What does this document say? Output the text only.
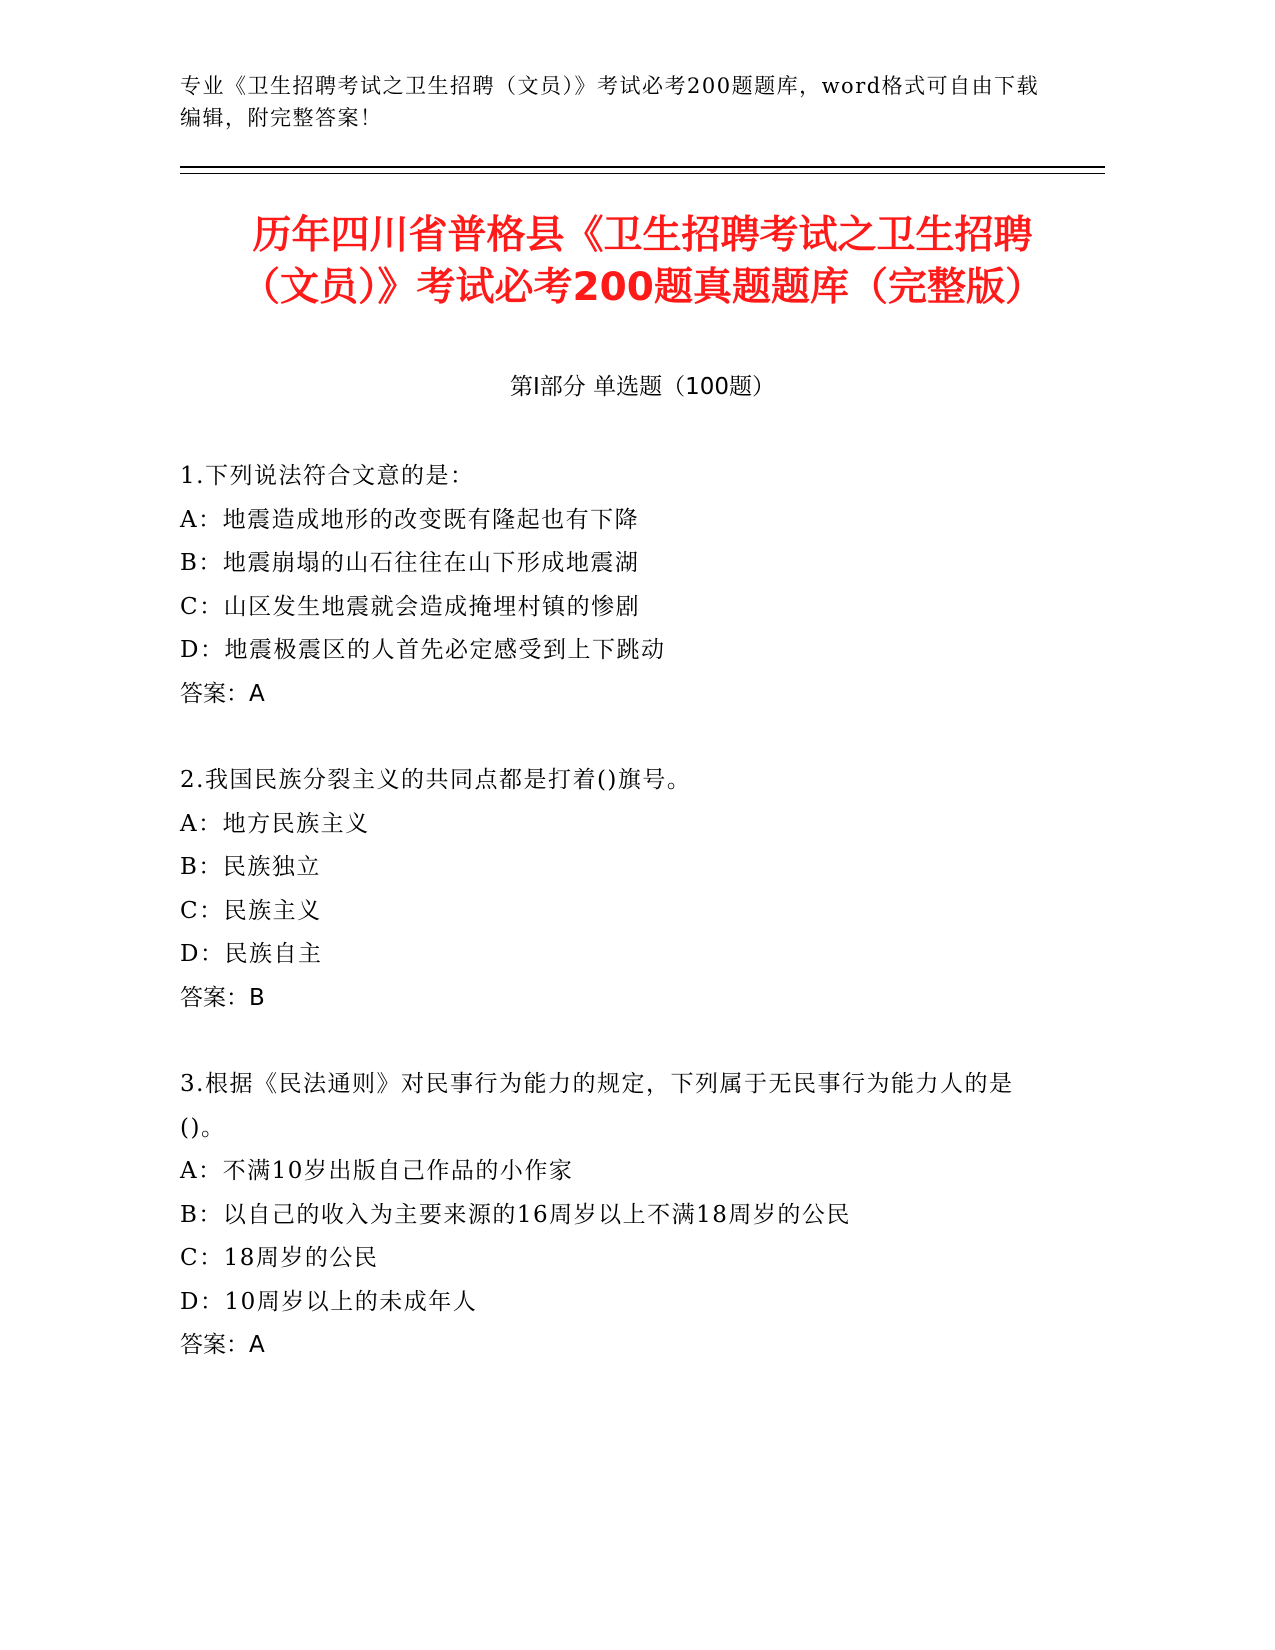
专业《卫生招聘考试之卫生招聘（文员）》考试必考200题题库，word格式可自由下载编辑，附完整答案！

历年四川省普格县《卫生招聘考试之卫生招聘（文员）》考试必考200题真题题库（完整版）
第I部分 单选题（100题）
1.下列说法符合文意的是：
A：地震造成地形的改变既有隆起也有下降
B：地震崩塌的山石往往在山下形成地震湖
C：山区发生地震就会造成掩埋村镇的惨剧
D：地震极震区的人首先必定感受到上下跳动
答案：A
2.我国民族分裂主义的共同点都是打着()旗号。
A：地方民族主义
B：民族独立
C：民族主义
D：民族自主
答案：B
3.根据《民法通则》对民事行为能力的规定，下列属于无民事行为能力人的是()。
A：不满10岁出版自己作品的小作家
B：以自己的收入为主要来源的16周岁以上不满18周岁的公民
C：18周岁的公民
D：10周岁以上的未成年人
答案：A
